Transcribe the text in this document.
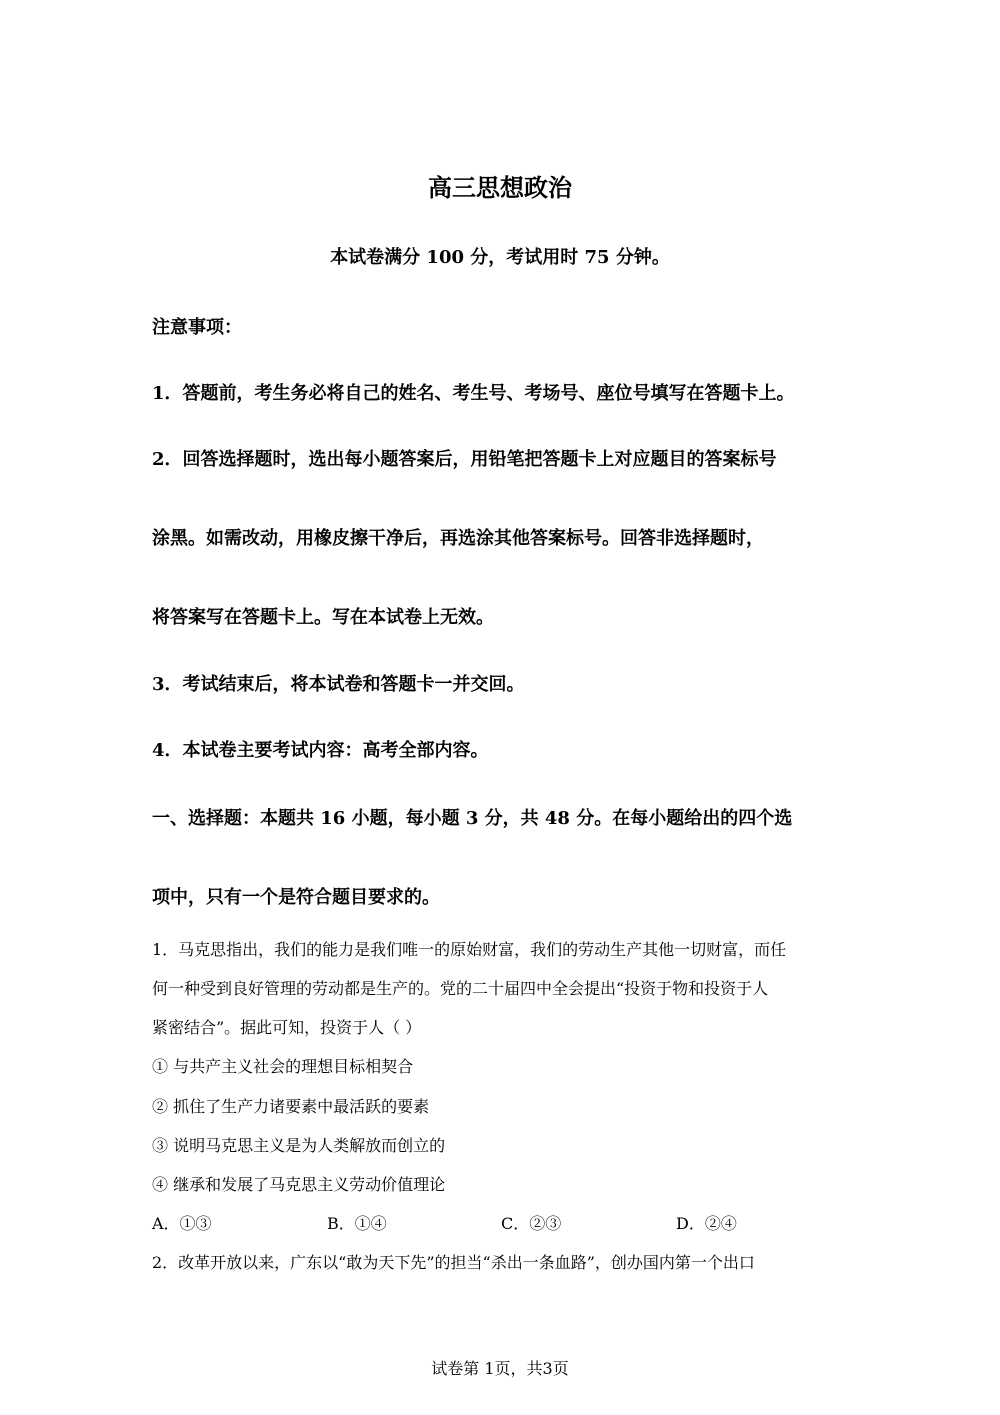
高三思想政治
本试卷满分 100 分，考试用时 75 分钟。
注意事项：
1．答题前，考生务必将自己的姓名、考生号、考场号、座位号填写在答题卡上。
2．回答选择题时，选出每小题答案后，用铅笔把答题卡上对应题目的答案标号
涂黑。如需改动，用橡皮擦干净后，再选涂其他答案标号。回答非选择题时，
将答案写在答题卡上。写在本试卷上无效。
3．考试结束后，将本试卷和答题卡一并交回。
4．本试卷主要考试内容：高考全部内容。
一、选择题：本题共 16 小题，每小题 3 分，共 48 分。在每小题给出的四个选
项中，只有一个是符合题目要求的。
1．马克思指出，我们的能力是我们唯一的原始财富，我们的劳动生产其他一切财富，而任
何一种受到良好管理的劳动都是生产的。党的二十届四中全会提出“投资于物和投资于人
紧密结合”。据此可知，投资于人（ ）
① 与共产主义社会的理想目标相契合
② 抓住了生产力诸要素中最活跃的要素
③ 说明马克思主义是为人类解放而创立的
④ 继承和发展了马克思主义劳动价值理论
A．①③	B．①④	C．②③	D．②④
2．改革开放以来，广东以“敢为天下先”的担当“杀出一条血路”，创办国内第一个出口
试卷第 1页，共3页
